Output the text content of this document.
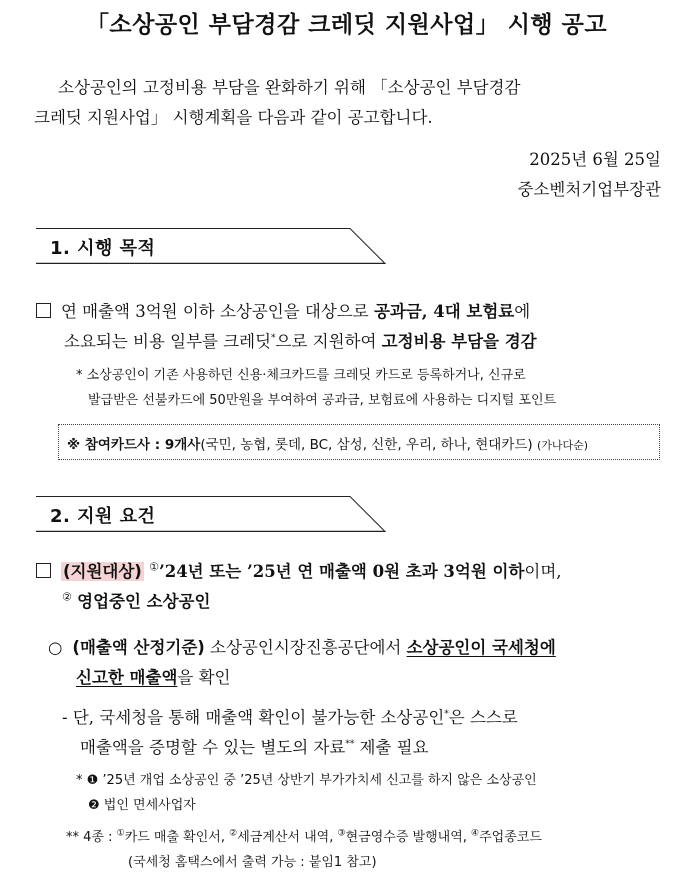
「소상공인 부담경감 크레딧 지원사업」 시행 공고
소상공인의 고정비용 부담을 완화하기 위해 「소상공인 부담경감
크레딧 지원사업」 시행계획을 다음과 같이 공고합니다.
2025년 6월 25일
중소벤처기업부장관
1. 시행 목적
연 매출액 3억원 이하 소상공인을 대상으로 공과금, 4대 보험료에
소요되는 비용 일부를 크레딧*으로 지원하여 고정비용 부담을 경감
* 소상공인이 기존 사용하던 신용·체크카드를 크레딧 카드로 등록하거나, 신규로
발급받은 선불카드에 50만원을 부여하여 공과금, 보험료에 사용하는 디지털 포인트
※ 참여카드사 : 9개사(국민, 농협, 롯데, BC, 삼성, 신한, 우리, 하나, 현대카드) (가나다순)
2. 지원 요건
(지원대상) ①’24년 또는 ’25년 연 매출액 0원 초과 3억원 이하이며,
② 영업중인 소상공인
○ (매출액 산정기준) 소상공인시장진흥공단에서 소상공인이 국세청에
신고한 매출액을 확인
- 단, 국세청을 통해 매출액 확인이 불가능한 소상공인*은 스스로
매출액을 증명할 수 있는 별도의 자료** 제출 필요
* ❶ ’25년 개업 소상공인 중 ’25년 상반기 부가가치세 신고를 하지 않은 소상공인
❷ 법인 면세사업자
** 4종 : ①카드 매출 확인서, ②세금계산서 내역, ③현금영수증 발행내역, ④주업종코드
(국세청 홈택스에서 출력 가능 : 붙임1 참고)
